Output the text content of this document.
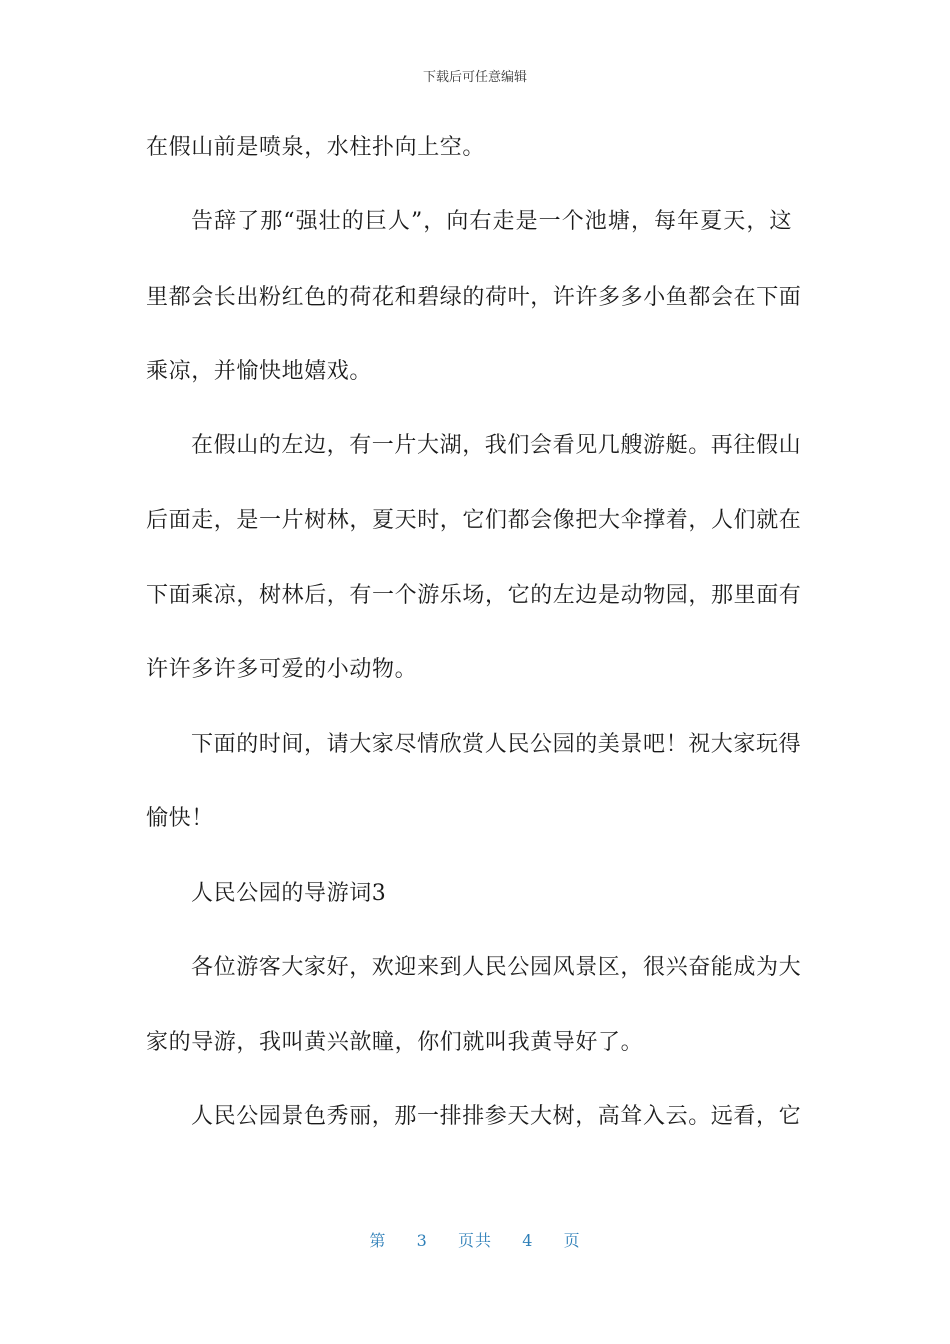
下载后可任意编辑
在假山前是喷泉，水柱扑向上空。
告辞了那“强壮的巨人”，向右走是一个池塘，每年夏天，这
里都会长出粉红色的荷花和碧绿的荷叶，许许多多小鱼都会在下面
乘凉，并愉快地嬉戏。
在假山的左边，有一片大湖，我们会看见几艘游艇。再往假山
后面走，是一片树林，夏天时，它们都会像把大伞撑着，人们就在
下面乘凉，树林后，有一个游乐场，它的左边是动物园，那里面有
许许多许多可爱的小动物。
下面的时间，请大家尽情欣赏人民公园的美景吧！祝大家玩得
愉快！
人民公园的导游词3
各位游客大家好，欢迎来到人民公园风景区，很兴奋能成为大
家的导游，我叫黄兴歆瞳，你们就叫我黄导好了。
人民公园景色秀丽，那一排排参天大树，高耸入云。远看，它
第 3 页共 4 页
